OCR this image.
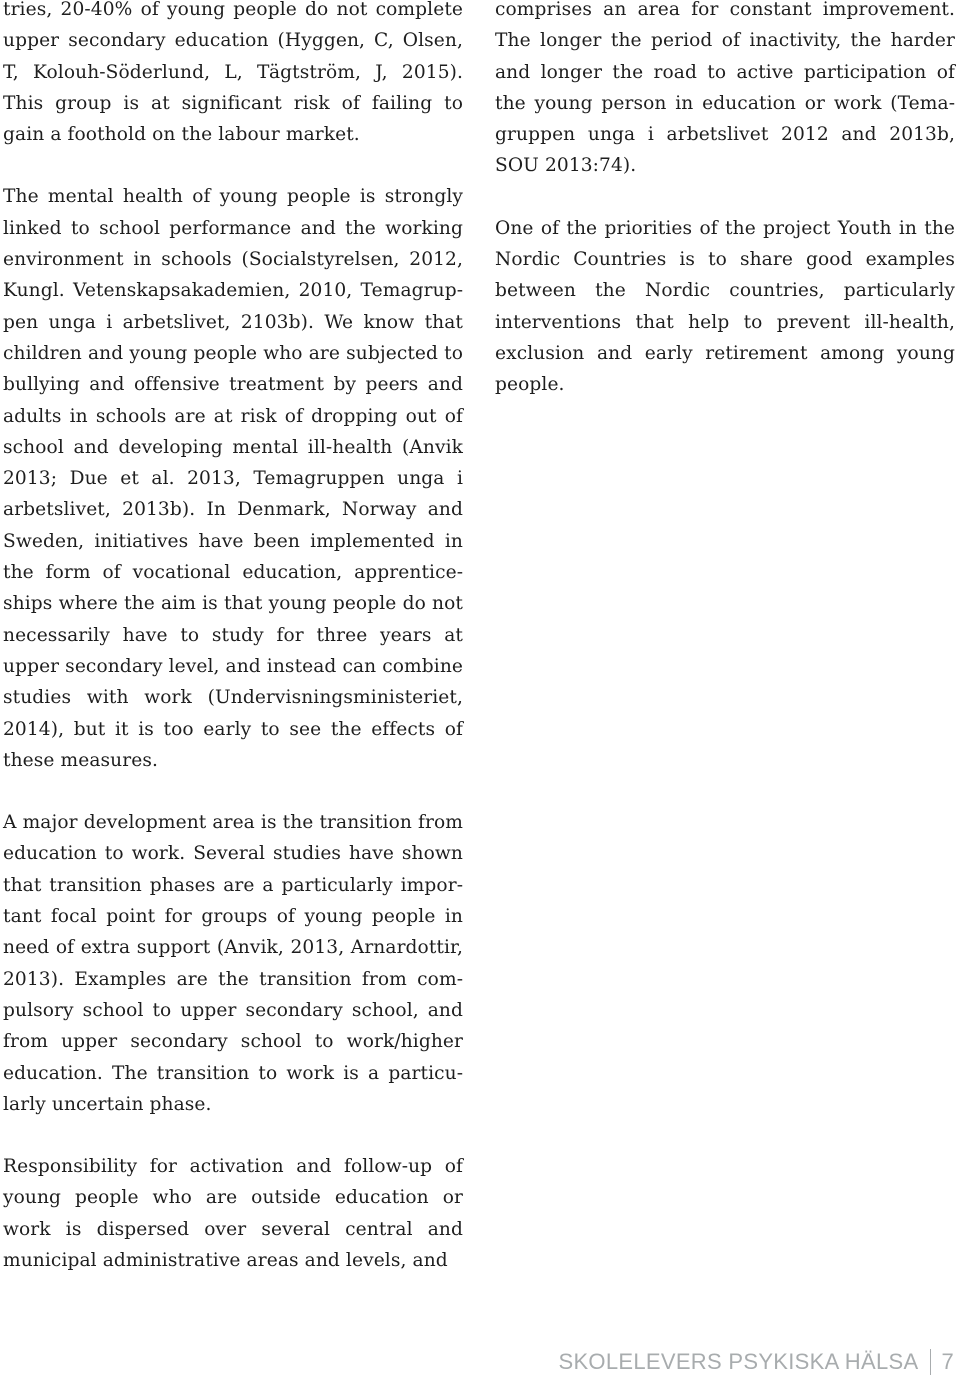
tries, 20-40% of young people do not complete upper secondary education (Hyggen, C, Olsen, T, Kolouh-Söderlund, L, Tägtström, J, 2015). This group is at significant risk of failing to gain a foothold on the labour market.

The mental health of young people is strongly linked to school performance and the working environment in schools (Socialstyrelsen, 2012, Kungl. Vetenskapsakademien, 2010, Temagruppen unga i arbetslivet, 2103b). We know that children and young people who are subjected to bullying and offensive treatment by peers and adults in schools are at risk of dropping out of school and developing mental ill-health (Anvik 2013; Due et al. 2013, Temagruppen unga i arbetslivet, 2013b). In Denmark, Norway and Sweden, initiatives have been implemented in the form of vocational education, apprenticeships where the aim is that young people do not necessarily have to study for three years at upper secondary level, and instead can combine studies with work (Undervisningsministeriet, 2014), but it is too early to see the effects of these measures.

A major development area is the transition from education to work. Several studies have shown that transition phases are a particularly important focal point for groups of young people in need of extra support (Anvik, 2013, Arnardottir, 2013). Examples are the transition from compulsory school to upper secondary school, and from upper secondary school to work/higher education. The transition to work is a particularly uncertain phase.

Responsibility for activation and follow-up of young people who are outside education or work is dispersed over several central and municipal administrative areas and levels, and

comprises an area for constant improvement. The longer the period of inactivity, the harder and longer the road to active participation of the young person in education or work (Temagruppen unga i arbetslivet 2012 and 2013b, SOU 2013:74).

One of the priorities of the project Youth in the Nordic Countries is to share good examples between the Nordic countries, particularly interventions that help to prevent ill-health, exclusion and early retirement among young people.

SKOLELEVERS PSYKISKA HÄLSA 7
